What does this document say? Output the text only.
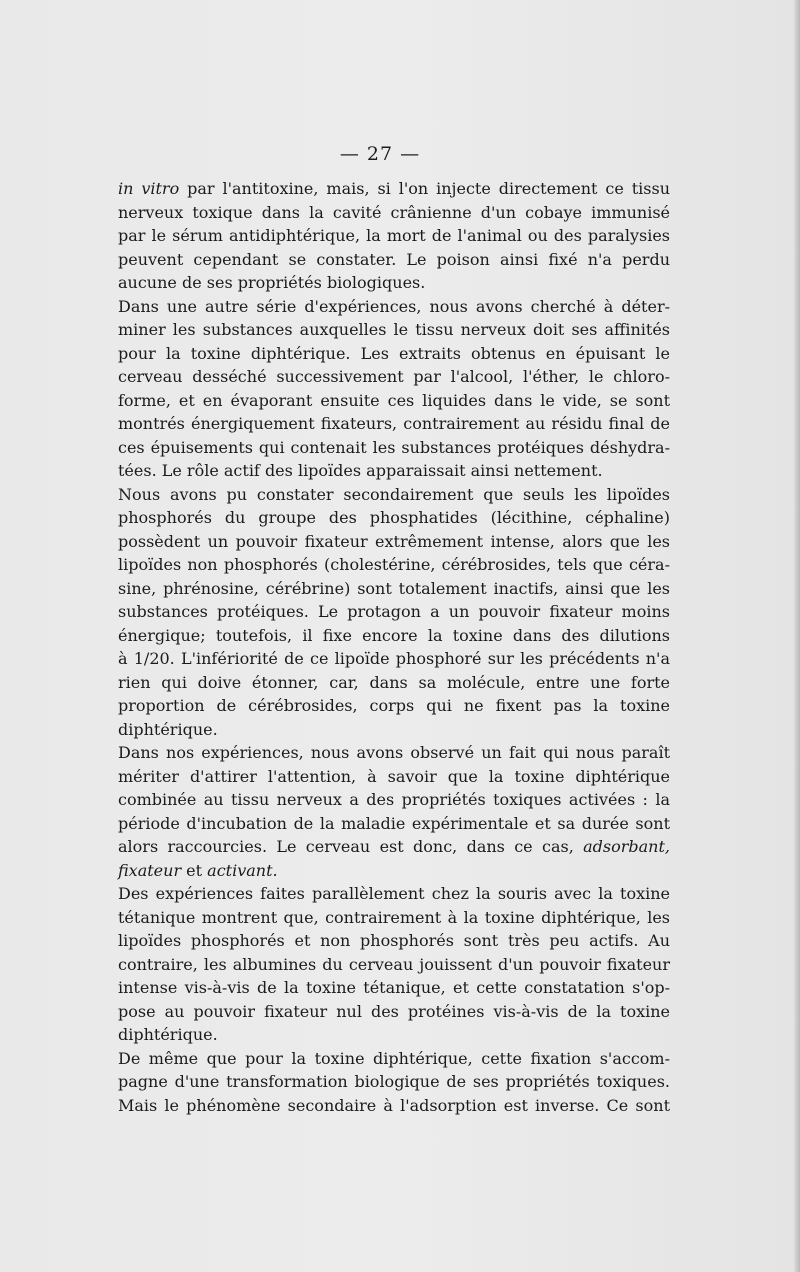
— 27 —

in vitro par l'antitoxine, mais, si l'on injecte directement ce tissu
nerveux toxique dans la cavité crânienne d'un cobaye immunisé
par le sérum antidiphtérique, la mort de l'animal ou des paralysies
peuvent cependant se constater. Le poison ainsi fixé n'a perdu
aucune de ses propriétés biologiques.

Dans une autre série d'expériences, nous avons cherché à déter-
miner les substances auxquelles le tissu nerveux doit ses affinités
pour la toxine diphtérique. Les extraits obtenus en épuisant le
cerveau desséché successivement par l'alcool, l'éther, le chloro-
forme, et en évaporant ensuite ces liquides dans le vide, se sont
montrés énergiquement fixateurs, contrairement au résidu final de
ces épuisements qui contenait les substances protéiques déshydra-
tées. Le rôle actif des lipoïdes apparaissait ainsi nettement.

Nous avons pu constater secondairement que seuls les lipoïdes
phosphorés du groupe des phosphatides (lécithine, céphaline)
possèdent un pouvoir fixateur extrêmement intense, alors que les
lipoïdes non phosphorés (cholestérine, cérébrosides, tels que céra-
sine, phrénosine, cérébrine) sont totalement inactifs, ainsi que les
substances protéiques. Le protagon a un pouvoir fixateur moins
énergique; toutefois, il fixe encore la toxine dans des dilutions
à 1/20. L'infériorité de ce lipoïde phosphoré sur les précédents n'a
rien qui doive étonner, car, dans sa molécule, entre une forte
proportion de cérébrosides, corps qui ne fixent pas la toxine
diphtérique.

Dans nos expériences, nous avons observé un fait qui nous paraît
mériter d'attirer l'attention, à savoir que la toxine diphtérique
combinée au tissu nerveux a des propriétés toxiques activées : la
période d'incubation de la maladie expérimentale et sa durée sont
alors raccourcies. Le cerveau est donc, dans ce cas, adsorbant,
fixateur et activant.

Des expériences faites parallèlement chez la souris avec la toxine
tétanique montrent que, contrairement à la toxine diphtérique, les
lipoïdes phosphorés et non phosphorés sont très peu actifs. Au
contraire, les albumines du cerveau jouissent d'un pouvoir fixateur
intense vis-à-vis de la toxine tétanique, et cette constatation s'op-
pose au pouvoir fixateur nul des protéines vis-à-vis de la toxine
diphtérique.

De même que pour la toxine diphtérique, cette fixation s'accom-
pagne d'une transformation biologique de ses propriétés toxiques.
Mais le phénomène secondaire à l'adsorption est inverse. Ce sont
